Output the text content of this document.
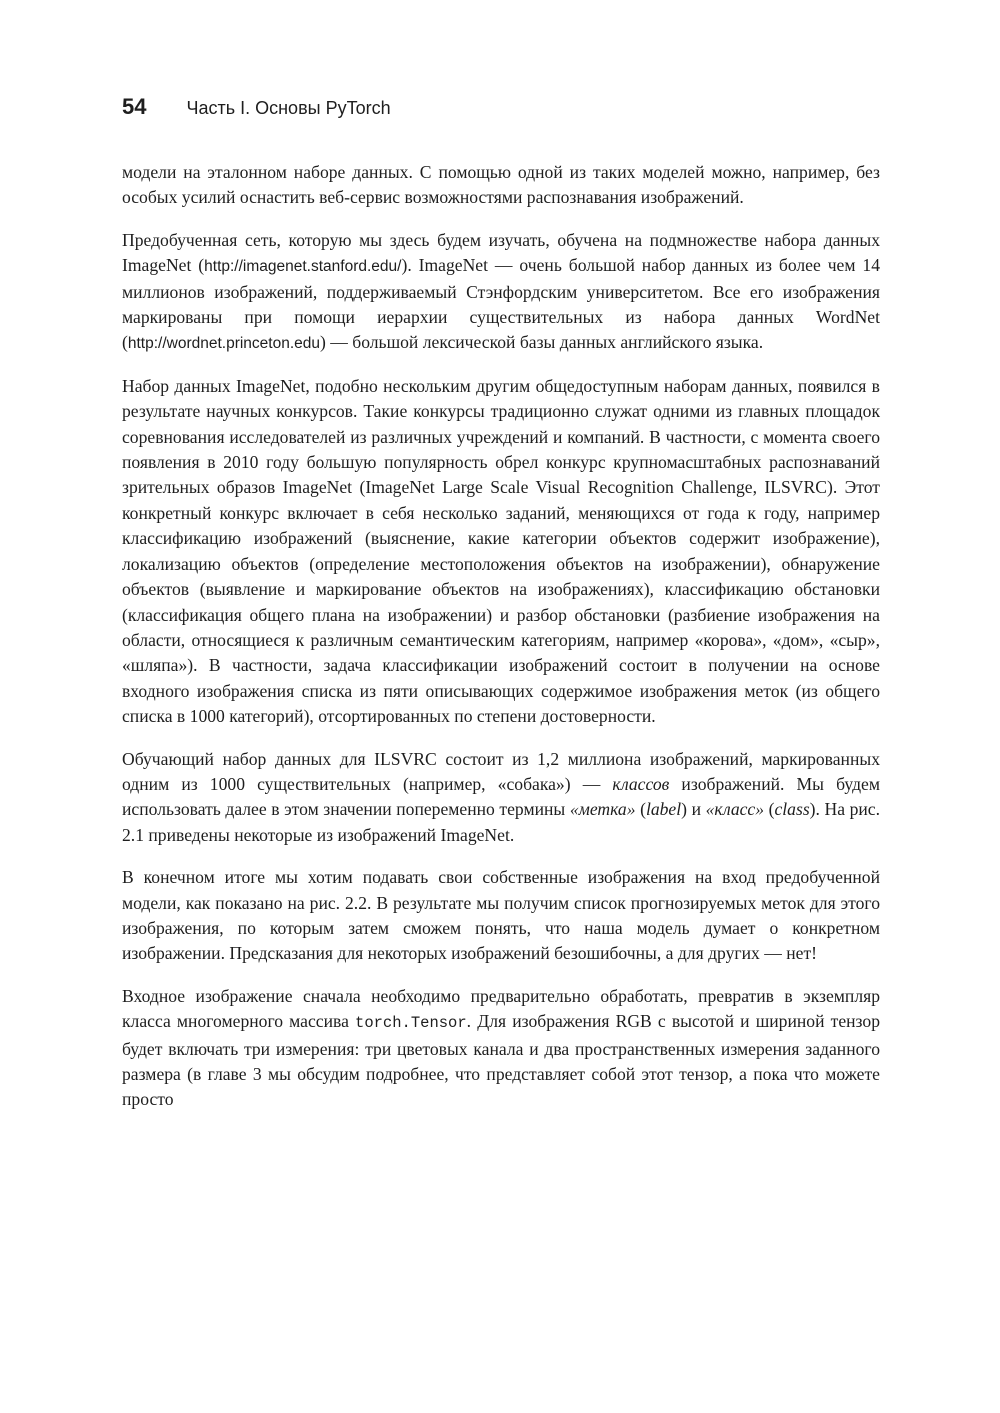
54 Часть I. Основы PyTorch

модели на эталонном наборе данных. С помощью одной из таких моделей можно, например, без особых усилий оснастить веб-сервис возможностями распознавания изображений.

Предобученная сеть, которую мы здесь будем изучать, обучена на подмножестве набора данных ImageNet (http://imagenet.stanford.edu/). ImageNet — очень большой набор данных из более чем 14 миллионов изображений, поддерживаемый Стэнфордским университетом. Все его изображения маркированы при помощи иерархии существительных из набора данных WordNet (http://wordnet.princeton.edu) — большой лексической базы данных английского языка.

Набор данных ImageNet, подобно нескольким другим общедоступным наборам данных, появился в результате научных конкурсов. Такие конкурсы традиционно служат одними из главных площадок соревнования исследователей из различных учреждений и компаний. В частности, с момента своего появления в 2010 году большую популярность обрел конкурс крупномасштабных распознаваний зрительных образов ImageNet (ImageNet Large Scale Visual Recognition Challenge, ILSVRC). Этот конкретный конкурс включает в себя несколько заданий, меняющихся от года к году, например классификацию изображений (выяснение, какие категории объектов содержит изображение), локализацию объектов (определение местоположения объектов на изображении), обнаружение объектов (выявление и маркирование объектов на изображениях), классификацию обстановки (классификация общего плана на изображении) и разбор обстановки (разбиение изображения на области, относящиеся к различным семантическим категориям, например «корова», «дом», «сыр», «шляпа»). В частности, задача классификации изображений состоит в получении на основе входного изображения списка из пяти описывающих содержимое изображения меток (из общего списка в 1000 категорий), отсортированных по степени достоверности.

Обучающий набор данных для ILSVRC состоит из 1,2 миллиона изображений, маркированных одним из 1000 существительных (например, «собака») — классов изображений. Мы будем использовать далее в этом значении попеременно термины «метка» (label) и «класс» (class). На рис. 2.1 приведены некоторые из изображений ImageNet.

В конечном итоге мы хотим подавать свои собственные изображения на вход предобученной модели, как показано на рис. 2.2. В результате мы получим список прогнозируемых меток для этого изображения, по которым затем сможем понять, что наша модель думает о конкретном изображении. Предсказания для некоторых изображений безошибочны, а для других — нет!

Входное изображение сначала необходимо предварительно обработать, превратив в экземпляр класса многомерного массива torch.Tensor. Для изображения RGB с высотой и шириной тензор будет включать три измерения: три цветовых канала и два пространственных измерения заданного размера (в главе 3 мы обсудим подробнее, что представляет собой этот тензор, а пока что можете просто
